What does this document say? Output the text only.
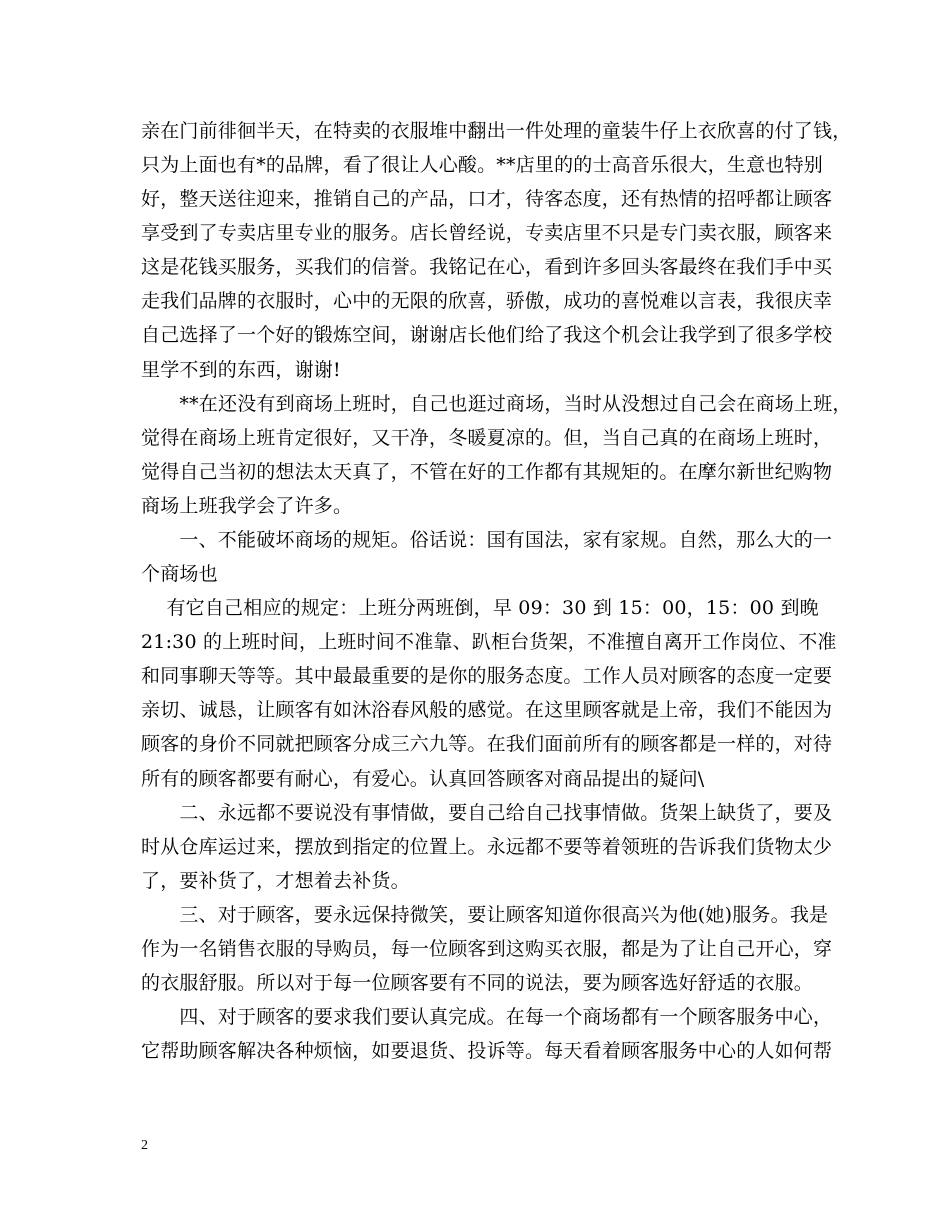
亲在门前徘徊半天，在特卖的衣服堆中翻出一件处理的童装牛仔上衣欣喜的付了钱，
只为上面也有*的品牌，看了很让人心酸。**店里的的士高音乐很大，生意也特别
好，整天送往迎来，推销自己的产品，口才，待客态度，还有热情的招呼都让顾客
享受到了专卖店里专业的服务。店长曾经说，专卖店里不只是专门卖衣服，顾客来
这是花钱买服务，买我们的信誉。我铭记在心，看到许多回头客最终在我们手中买
走我们品牌的衣服时，心中的无限的欣喜，骄傲，成功的喜悦难以言表，我很庆幸
自己选择了一个好的锻炼空间，谢谢店长他们给了我这个机会让我学到了很多学校
里学不到的东西，谢谢!
　　**在还没有到商场上班时，自己也逛过商场，当时从没想过自己会在商场上班，
觉得在商场上班肯定很好，又干净，冬暖夏凉的。但，当自己真的在商场上班时，
觉得自己当初的想法太天真了，不管在好的工作都有其规矩的。在摩尔新世纪购物
商场上班我学会了许多。
　　一、不能破坏商场的规矩。俗话说：国有国法，家有家规。自然，那么大的一
个商场也
　 有它自己相应的规定：上班分两班倒，早 09：30 到 15：00，15：00 到晚
21:30 的上班时间，上班时间不准靠、趴柜台货架，不准擅自离开工作岗位、不准
和同事聊天等等。其中最最重要的是你的服务态度。工作人员对顾客的态度一定要
亲切、诚恳，让顾客有如沐浴春风般的感觉。在这里顾客就是上帝，我们不能因为
顾客的身价不同就把顾客分成三六九等。在我们面前所有的顾客都是一样的，对待
所有的顾客都要有耐心，有爱心。认真回答顾客对商品提出的疑问\
　　二、永远都不要说没有事情做，要自己给自己找事情做。货架上缺货了，要及
时从仓库运过来，摆放到指定的位置上。永远都不要等着领班的告诉我们货物太少
了，要补货了，才想着去补货。
　　三、对于顾客，要永远保持微笑，要让顾客知道你很高兴为他(她)服务。我是
作为一名销售衣服的导购员，每一位顾客到这购买衣服，都是为了让自己开心，穿
的衣服舒服。所以对于每一位顾客要有不同的说法，要为顾客选好舒适的衣服。
　　四、对于顾客的要求我们要认真完成。在每一个商场都有一个顾客服务中心，
它帮助顾客解决各种烦恼，如要退货、投诉等。每天看着顾客服务中心的人如何帮
2
